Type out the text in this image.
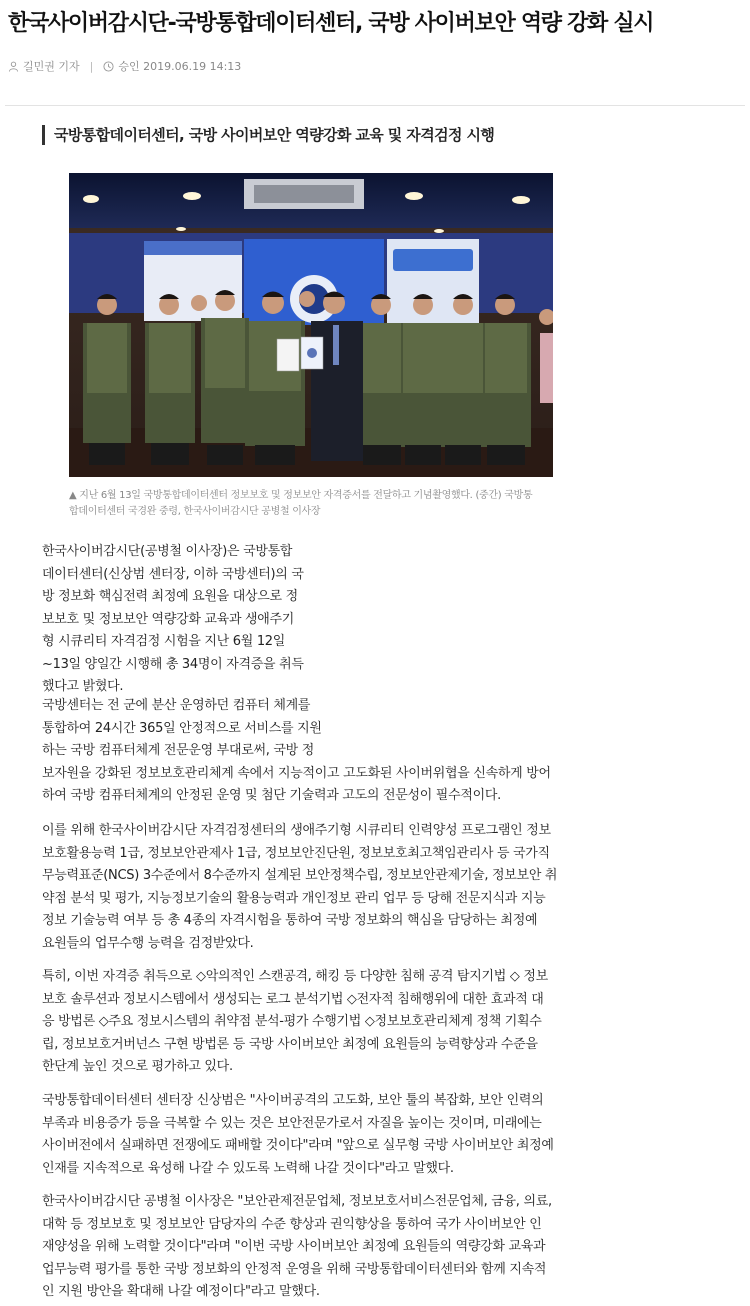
한국사이버감시단-국방통합데이터센터, 국방 사이버보안 역량 강화 실시
길민권 기자 | 승인 2019.06.19 14:13
국방통합데이터센터, 국방 사이버보안 역량강화 교육 및 자격검정 시행
▲ 지난 6월 13일 국방통합데이터센터 정보보호 및 정보보안 자격증서를 전달하고 기념촬영했다. (중간) 국방통
합데이터센터 국경완 중령, 한국사이버감시단 공병철 이사장

한국사이버감시단(공병철 이사장)은 국방통합
데이터센터(신상범 센터장, 이하 국방센터)의 국
방 정보화 핵심전력 최정예 요원을 대상으로 정
보보호 및 정보보안 역량강화 교육과 생애주기
형 시큐리티 자격검정 시험을 지난 6월 12일
~13일 양일간 시행해 총 34명이 자격증을 취득
했다고 밝혔다.

국방센터는 전 군에 분산 운영하던 컴퓨터 체계를
통합하여 24시간 365일 안정적으로 서비스를 지원
하는 국방 컴퓨터체계 전문운영 부대로써, 국방 정
보자원을 강화된 정보보호관리체계 속에서 지능적이고 고도화된 사이버위협을 신속하게 방어
하여 국방 컴퓨터체계의 안정된 운영 및 첨단 기술력과 고도의 전문성이 필수적이다.

이를 위해 한국사이버감시단 자격검정센터의 생애주기형 시큐리티 인력양성 프로그램인 정보
보호활용능력 1급, 정보보안관제사 1급, 정보보안진단원, 정보보호최고책임관리사 등 국가직
무능력표준(NCS) 3수준에서 8수준까지 설계된 보안정책수립, 정보보안관제기술, 정보보안 취
약점 분석 및 평가, 지능정보기술의 활용능력과 개인정보 관리 업무 등 당해 전문지식과 지능
정보 기술능력 여부 등 총 4종의 자격시험을 통하여 국방 정보화의 핵심을 담당하는 최정예
요원들의 업무수행 능력을 검정받았다.

특히, 이번 자격증 취득으로 ◇악의적인 스캔공격, 해킹 등 다양한 침해 공격 탐지기법 ◇ 정보
보호 솔루션과 정보시스템에서 생성되는 로그 분석기법 ◇전자적 침해행위에 대한 효과적 대
응 방법론 ◇주요 정보시스템의 취약점 분석-평가 수행기법 ◇정보보호관리체계 정책 기획수
립, 정보보호거버넌스 구현 방법론 등 국방 사이버보안 최정예 요원들의 능력향상과 수준을
한단계 높인 것으로 평가하고 있다.

국방통합데이터센터 센터장 신상범은 "사이버공격의 고도화, 보안 툴의 복잡화, 보안 인력의
부족과 비용증가 등을 극복할 수 있는 것은 보안전문가로서 자질을 높이는 것이며, 미래에는
사이버전에서 실패하면 전쟁에도 패배할 것이다"라며 "앞으로 실무형 국방 사이버보안 최정예
인재를 지속적으로 육성해 나갈 수 있도록 노력해 나갈 것이다"라고 말했다.

한국사이버감시단 공병철 이사장은 "보안관제전문업체, 정보보호서비스전문업체, 금융, 의료,
대학 등 정보보호 및 정보보안 담당자의 수준 향상과 권익향상을 통하여 국가 사이버보안 인
재양성을 위해 노력할 것이다"라며 "이번 국방 사이버보안 최정예 요원들의 역량강화 교육과
업무능력 평가를 통한 국방 정보화의 안정적 운영을 위해 국방통합데이터센터와 함께 지속적
인 지원 방안을 확대해 나갈 예정이다"라고 말했다.
